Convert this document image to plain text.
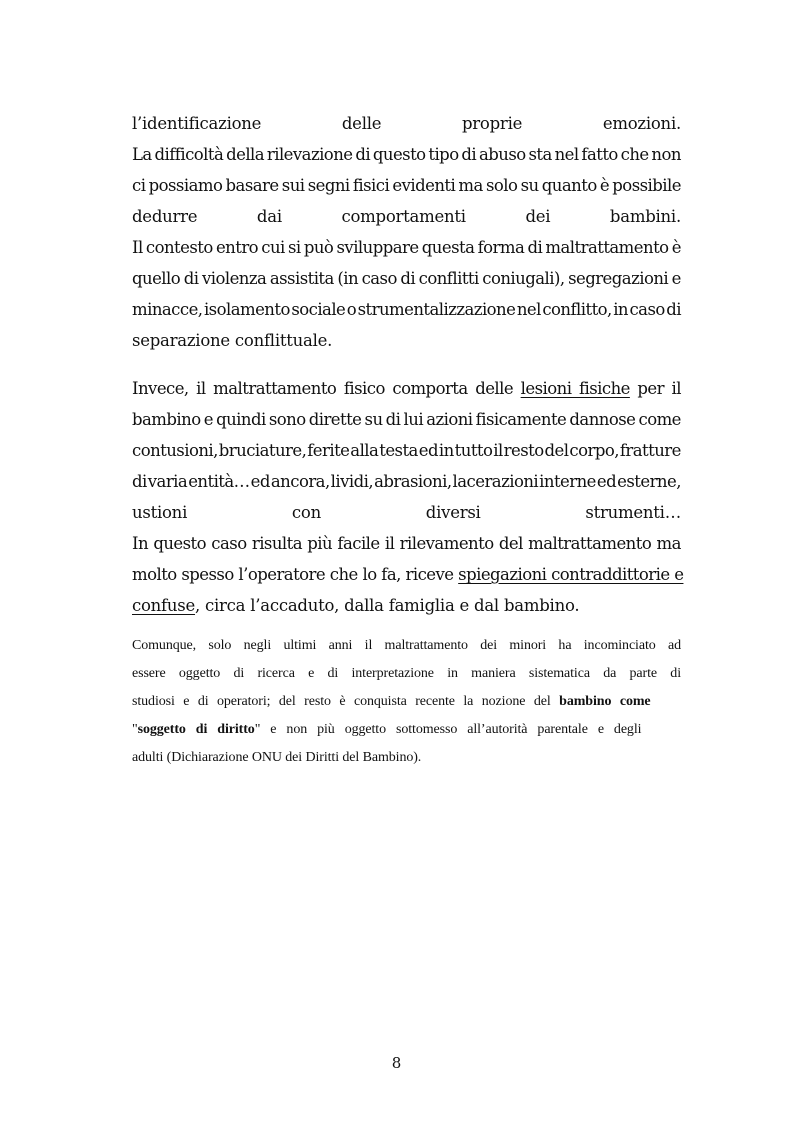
l’identificazione	delle	proprie	emozioni.
La difficoltà della rilevazione di questo tipo di abuso sta nel fatto che non
ci possiamo basare sui segni fisici evidenti ma solo su quanto è possibile
dedurre	dai	comportamenti	dei	bambini.
Il contesto entro cui si può sviluppare questa forma di maltrattamento è
quello di violenza assistita (in caso di conflitti coniugali), segregazioni e
minacce, isolamento sociale o strumentalizzazione nel conflitto, in caso di
separazione conflittuale.
Invece, il maltrattamento fisico comporta delle lesioni fisiche per il
bambino e quindi sono dirette su di lui azioni fisicamente dannose come
contusioni, bruciature, ferite alla testa ed in tutto il resto del corpo, fratture
di varia entità… ed ancora, lividi, abrasioni, lacerazioni interne ed esterne,
ustioni	con	diversi	strumenti…
In questo caso risulta più facile il rilevamento del maltrattamento ma
molto spesso l’operatore che lo fa, riceve spiegazioni contraddittorie e
confuse, circa l’accaduto, dalla famiglia e dal bambino.
Comunque, solo negli ultimi anni il maltrattamento dei minori ha incominciato ad
essere oggetto di ricerca e di interpretazione in maniera sistematica da parte di
studiosi e di operatori; del resto è conquista recente la nozione del bambino come
"soggetto di diritto" e non più oggetto sottomesso all’autorità parentale e degli
adulti (Dichiarazione ONU dei Diritti del Bambino).
8
